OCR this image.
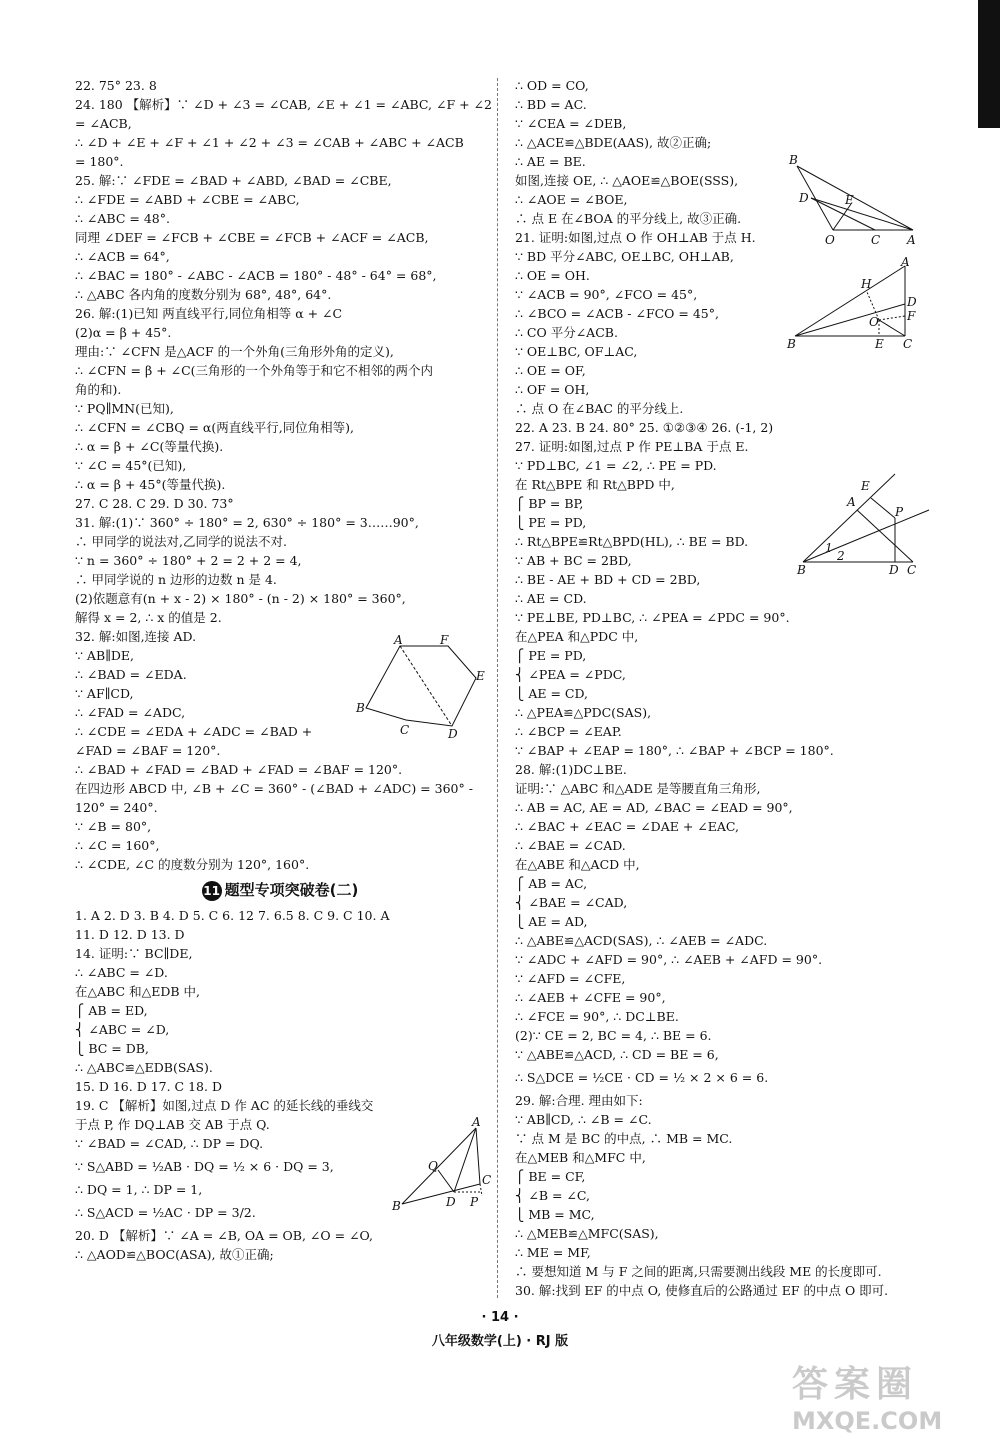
22. 75° 23. 8
24. 180 【解析】∵ ∠D + ∠3 = ∠CAB, ∠E + ∠1 = ∠ABC, ∠F + ∠2
= ∠ACB,
∴ ∠D + ∠E + ∠F + ∠1 + ∠2 + ∠3 = ∠CAB + ∠ABC + ∠ACB
= 180°.
25. 解:∵ ∠FDE = ∠BAD + ∠ABD, ∠BAD = ∠CBE,
∴ ∠FDE = ∠ABD + ∠CBE = ∠ABC,
∴ ∠ABC = 48°.
同理 ∠DEF = ∠FCB + ∠CBE = ∠FCB + ∠ACF = ∠ACB,
∴ ∠ACB = 64°,
∴ ∠BAC = 180° - ∠ABC - ∠ACB = 180° - 48° - 64° = 68°,
∴ △ABC 各内角的度数分别为 68°, 48°, 64°.
26. 解:(1)已知 两直线平行,同位角相等 α + ∠C
(2)α = β + 45°.
理由:∵ ∠CFN 是△ACF 的一个外角(三角形外角的定义),
∴ ∠CFN = β + ∠C(三角形的一个外角等于和它不相邻的两个内
角的和).
∵ PQ∥MN(已知),
∴ ∠CFN = ∠CBQ = α(两直线平行,同位角相等),
∴ α = β + ∠C(等量代换).
∵ ∠C = 45°(已知),
∴ α = β + 45°(等量代换).
27. C 28. C 29. D 30. 73°
31. 解:(1)∵ 360° ÷ 180° = 2, 630° ÷ 180° = 3……90°,
∴ 甲同学的说法对,乙同学的说法不对.
∵ n = 360° ÷ 180° + 2 = 2 + 2 = 4,
∴ 甲同学说的 n 边形的边数 n 是 4.
(2)依题意有(n + x - 2) × 180° - (n - 2) × 180° = 360°,
解得 x = 2, ∴ x 的值是 2.
32. 解:如图,连接 AD.
∵ AB∥DE,
∴ ∠BAD = ∠EDA.
∵ AF∥CD,
∴ ∠FAD = ∠ADC,
∴ ∠CDE = ∠EDA + ∠ADC = ∠BAD +
∠FAD = ∠BAF = 120°.
∴ ∠BAD + ∠FAD = ∠BAD + ∠FAD = ∠BAF = 120°.
在四边形 ABCD 中, ∠B + ∠C = 360° - (∠BAD + ∠ADC) = 360° -
120° = 240°.
∵ ∠B = 80°,
∴ ∠C = 160°,
∴ ∠CDE, ∠C 的度数分别为 120°, 160°.
11 题型专项突破卷(二)
1. A 2. D 3. B 4. D 5. C 6. 12 7. 6.5 8. C 9. C 10. A
11. D 12. D 13. D
14. 证明:∵ BC∥DE,
∴ ∠ABC = ∠D.
在△ABC 和△EDB 中,
⎧ AB = ED,
⎨ ∠ABC = ∠D,
⎩ BC = DB,
∴ △ABC≌△EDB(SAS).
15. D 16. D 17. C 18. D
19. C 【解析】如图,过点 D 作 AC 的延长线的垂线交
于点 P, 作 DQ⊥AB 交 AB 于点 Q.
∵ ∠BAD = ∠CAD, ∴ DP = DQ.
∵ S△ABD = ½AB · DQ = ½ × 6 · DQ = 3,
∴ DQ = 1, ∴ DP = 1,
∴ S△ACD = ½AC · DP = 3/2.
20. D 【解析】∵ ∠A = ∠B, OA = OB, ∠O = ∠O,
∴ △AOD≌△BOC(ASA), 故①正确;
∴ OD = CO,
∴ BD = AC.
∵ ∠CEA = ∠DEB,
∴ △ACE≌△BDE(AAS), 故②正确;
∴ AE = BE.
如图,连接 OE, ∴ △AOE≌△BOE(SSS),
∴ ∠AOE = ∠BOE,
∴ 点 E 在∠BOA 的平分线上, 故③正确.
21. 证明:如图,过点 O 作 OH⊥AB 于点 H.
∵ BD 平分∠ABC, OE⊥BC, OH⊥AB,
∴ OE = OH.
∵ ∠ACB = 90°, ∠FCO = 45°,
∴ ∠BCO = ∠ACB - ∠FCO = 45°,
∴ CO 平分∠ACB.
∵ OE⊥BC, OF⊥AC,
∴ OE = OF,
∴ OF = OH,
∴ 点 O 在∠BAC 的平分线上.
22. A 23. B 24. 80° 25. ①②③④ 26. (-1, 2)
27. 证明:如图,过点 P 作 PE⊥BA 于点 E.
∵ PD⊥BC, ∠1 = ∠2, ∴ PE = PD.
在 Rt△BPE 和 Rt△BPD 中,
⎧ BP = BP,
⎩ PE = PD,
∴ Rt△BPE≌Rt△BPD(HL), ∴ BE = BD.
∵ AB + BC = 2BD,
∴ BE - AE + BD + CD = 2BD,
∴ AE = CD.
∵ PE⊥BE, PD⊥BC, ∴ ∠PEA = ∠PDC = 90°.
在△PEA 和△PDC 中,
⎧ PE = PD,
⎨ ∠PEA = ∠PDC,
⎩ AE = CD,
∴ △PEA≌△PDC(SAS),
∴ ∠BCP = ∠EAP.
∵ ∠BAP + ∠EAP = 180°, ∴ ∠BAP + ∠BCP = 180°.
28. 解:(1)DC⊥BE.
证明:∵ △ABC 和△ADE 是等腰直角三角形,
∴ AB = AC, AE = AD, ∠BAC = ∠EAD = 90°,
∴ ∠BAC + ∠EAC = ∠DAE + ∠EAC,
∴ ∠BAE = ∠CAD.
在△ABE 和△ACD 中,
⎧ AB = AC,
⎨ ∠BAE = ∠CAD,
⎩ AE = AD,
∴ △ABE≌△ACD(SAS), ∴ ∠AEB = ∠ADC.
∵ ∠ADC + ∠AFD = 90°, ∴ ∠AEB + ∠AFD = 90°.
∵ ∠AFD = ∠CFE,
∴ ∠AEB + ∠CFE = 90°,
∴ ∠FCE = 90°, ∴ DC⊥BE.
(2)∵ CE = 2, BC = 4, ∴ BE = 6.
∵ △ABE≌△ACD, ∴ CD = BE = 6,
∴ S△DCE = ½CE · CD = ½ × 2 × 6 = 6.
29. 解:合理. 理由如下:
∵ AB∥CD, ∴ ∠B = ∠C.
∵ 点 M 是 BC 的中点, ∴ MB = MC.
在△MEB 和△MFC 中,
⎧ BE = CF,
⎨ ∠B = ∠C,
⎩ MB = MC,
∴ △MEB≌△MFC(SAS),
∴ ME = MF,
∴ 要想知道 M 与 F 之间的距离,只需要测出线段 ME 的长度即可.
30. 解:找到 EF 的中点 O, 使修直后的公路通过 EF 的中点 O 即可.
B
D	E
O	C A
A
H
D
O F
B	E C
A
E
P
1
2
B	D C
A	F
E
B
C	D
A
Q
C
B	D P
· 14 ·
八年级数学(上) · RJ 版
答案圈
MXQE.COM
